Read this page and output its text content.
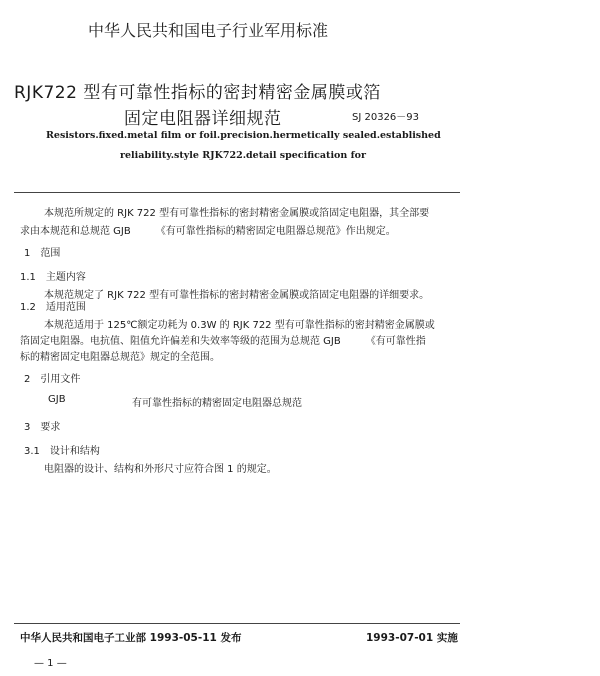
中华人民共和国电子行业军用标准
RJK722 型有可靠性指标的密封精密金属膜或箔
固定电阻器详细规范	SJ 20326－93
Resistors.fixed.metal film or foil.precision.hermetically sealed.established
reliability.style RJK722.detail specification for
本规范所规定的 RJK 722 型有可靠性指标的密封精密金属膜或箔固定电阻器，其全部要
求由本规范和总规范 GJB　　　《有可靠性指标的精密固定电阻器总规范》作出规定。
1　范围
1.1　主题内容
本规范规定了 RJK 722 型有可靠性指标的密封精密金属膜或箔固定电阻器的详细要求。
1.2　适用范围
本规范适用于 125℃额定功耗为 0.3W 的 RJK 722 型有可靠性指标的密封精密金属膜或
箔固定电阻器。电抗值、阻值允许偏差和失效率等级的范围为总规范 GJB　　　《有可靠性指
标的精密固定电阻器总规范》规定的全范围。
2　引用文件
GJB	有可靠性指标的精密固定电阻器总规范
3　要求
3.1　设计和结构
电阻器的设计、结构和外形尺寸应符合图 1 的规定。
中华人民共和国电子工业部 1993-05-11 发布	1993-07-01 实施
— 1 —
